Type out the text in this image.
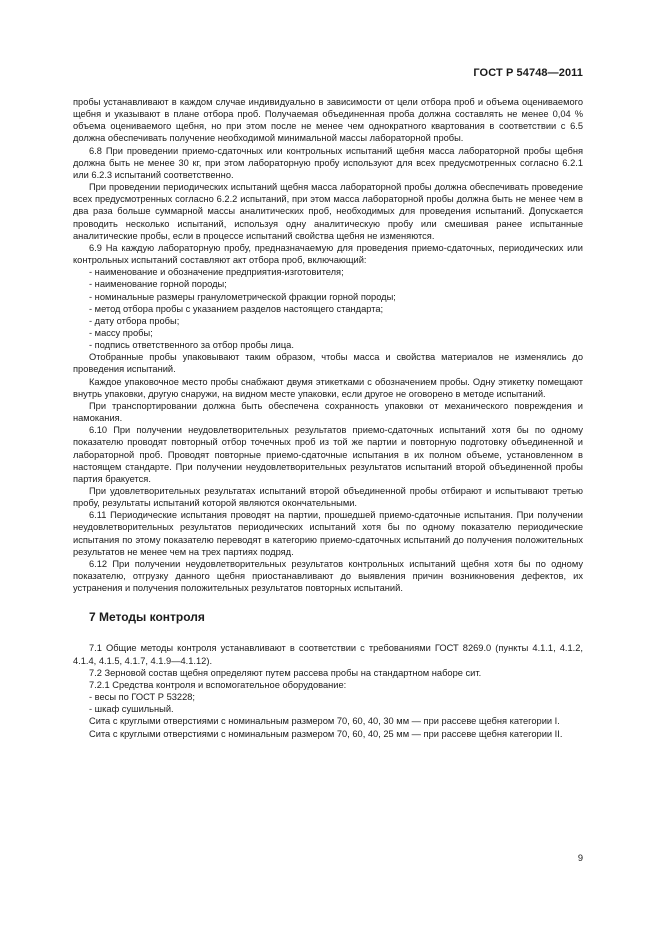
ГОСТ Р 54748—2011

пробы устанавливают в каждом случае индивидуально в зависимости от цели отбора проб и объема оцениваемого щебня и указывают в плане отбора проб. Получаемая объединенная проба должна составлять не менее 0,04 % объема оцениваемого щебня, но при этом после не менее чем однократного квартования в соответствии с 6.5 должна обеспечивать получение необходимой минимальной массы лабораторной пробы.

6.8 При проведении приемо-сдаточных или контрольных испытаний щебня масса лабораторной пробы щебня должна быть не менее 30 кг, при этом лабораторную пробу используют для всех предусмотренных согласно 6.2.1 или 6.2.3 испытаний соответственно.

При проведении периодических испытаний щебня масса лабораторной пробы должна обеспечивать проведение всех предусмотренных согласно 6.2.2 испытаний, при этом масса лабораторной пробы должна быть не менее чем в два раза больше суммарной массы аналитических проб, необходимых для проведения испытаний. Допускается проводить несколько испытаний, используя одну аналитическую пробу или смешивая ранее испытанные аналитические пробы, если в процессе испытаний свойства щебня не изменяются.

6.9 На каждую лабораторную пробу, предназначаемую для проведения приемо-сдаточных, периодических или контрольных испытаний составляют акт отбора проб, включающий:

- наименование и обозначение предприятия-изготовителя;

- наименование горной породы;

- номинальные размеры гранулометрической фракции горной породы;

- метод отбора пробы с указанием разделов настоящего стандарта;

- дату отбора пробы;

- массу пробы;

- подпись ответственного за отбор пробы лица.

Отобранные пробы упаковывают таким образом, чтобы масса и свойства материалов не изменялись до проведения испытаний.

Каждое упаковочное место пробы снабжают двумя этикетками с обозначением пробы. Одну этикетку помещают внутрь упаковки, другую снаружи, на видном месте упаковки, если другое не оговорено в методе испытаний.

При транспортировании должна быть обеспечена сохранность упаковки от механического повреждения и намокания.

6.10 При получении неудовлетворительных результатов приемо-сдаточных испытаний хотя бы по одному показателю проводят повторный отбор точечных проб из той же партии и повторную подготовку объединенной и лабораторной проб. Проводят повторные приемо-сдаточные испытания в их полном объеме, установленном в настоящем стандарте. При получении неудовлетворительных результатов испытаний второй объединенной пробы партия бракуется.

При удовлетворительных результатах испытаний второй объединенной пробы отбирают и испытывают третью пробу, результаты испытаний которой являются окончательными.

6.11 Периодические испытания проводят на партии, прошедшей приемо-сдаточные испытания. При получении неудовлетворительных результатов периодических испытаний хотя бы по одному показателю периодические испытания по этому показателю переводят в категорию приемо-сдаточных испытаний до получения положительных результатов не менее чем на трех партиях подряд.

6.12 При получении неудовлетворительных результатов контрольных испытаний щебня хотя бы по одному показателю, отгрузку данного щебня приостанавливают до выявления причин возникновения дефектов, их устранения и получения положительных результатов повторных испытаний.

7 Методы контроля

7.1 Общие методы контроля устанавливают в соответствии с требованиями ГОСТ 8269.0 (пункты 4.1.1, 4.1.2, 4.1.4, 4.1.5, 4.1.7, 4.1.9—4.1.12).

7.2 Зерновой состав щебня определяют путем рассева пробы на стандартном наборе сит.

7.2.1 Средства контроля и вспомогательное оборудование:

- весы по ГОСТ Р 53228;

- шкаф сушильный.

Сита с круглыми отверстиями с номинальным размером 70, 60, 40, 30 мм — при рассеве щебня категории I.

Сита с круглыми отверстиями с номинальным размером 70, 60, 40, 25 мм — при рассеве щебня категории II.

9
